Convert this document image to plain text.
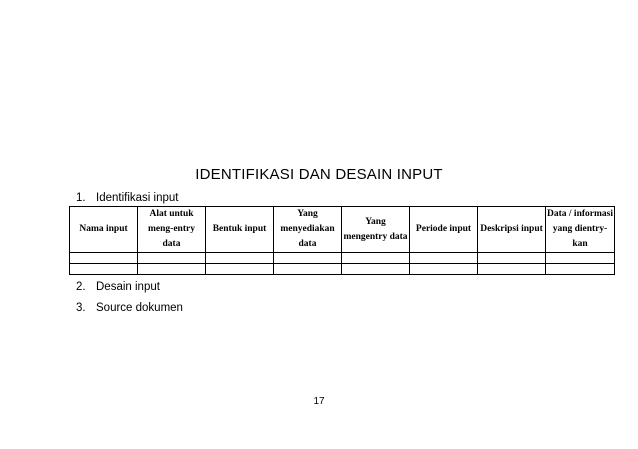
IDENTIFIKASI DAN DESAIN INPUT
1. Identifikasi input
Nama input	Alat untuk meng-entry data	Bentuk input	Yang menyediakan data	Yang mengentry data	Periode input	Deskripsi input	Data / informasi yang dientry-kan

2. Desain input
3. Source dokumen
17
